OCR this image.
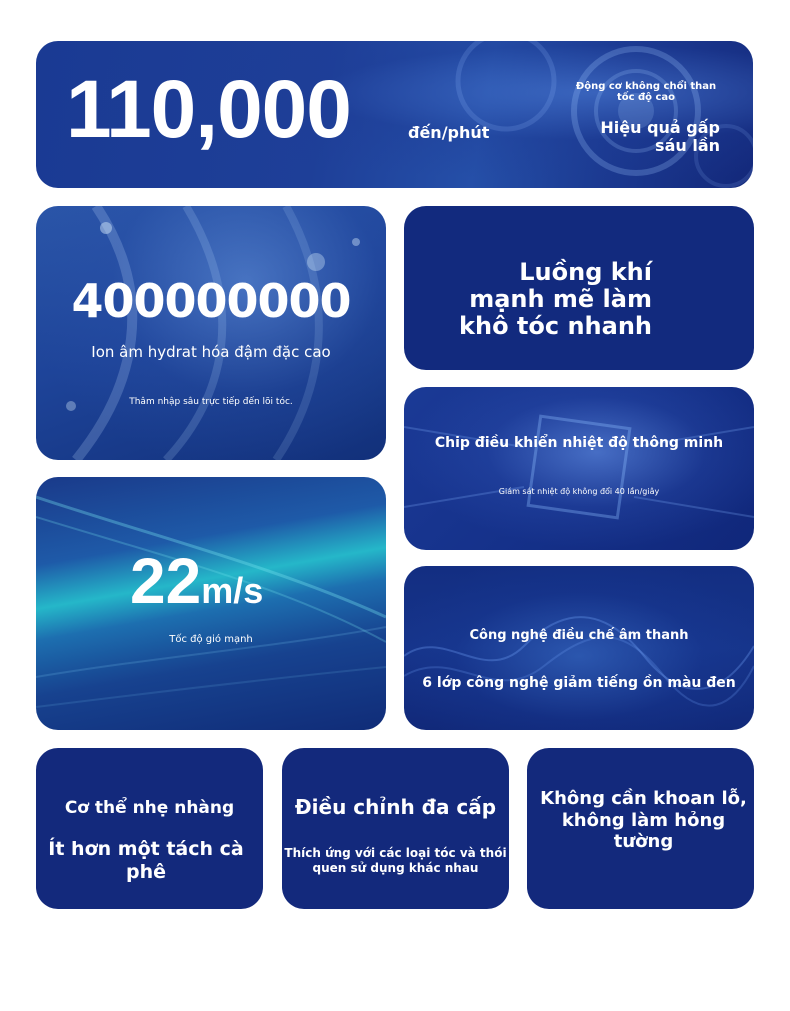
110,000	đến/phút
Động cơ không chổi than tốc độ cao
Hiệu quả gấp sáu lần
400000000
Ion âm hydrat hóa đậm đặc cao
Thâm nhập sâu trực tiếp đến lõi tóc.
Luồng khí mạnh mẽ làm khô tóc nhanh
Chip điều khiển nhiệt độ thông minh
Giám sát nhiệt độ không đổi 40 lần/giây
22m/s
Tốc độ gió mạnh	Công nghệ điều chế âm thanh
6 lớp công nghệ giảm tiếng ồn màu đen
Cơ thể nhẹ nhàng
Ít hơn một tách cà phê
Điều chỉnh đa cấp
Thích ứng với các loại tóc và thói quen sử dụng khác nhau
Không cần khoan lỗ, không làm hỏng tường
